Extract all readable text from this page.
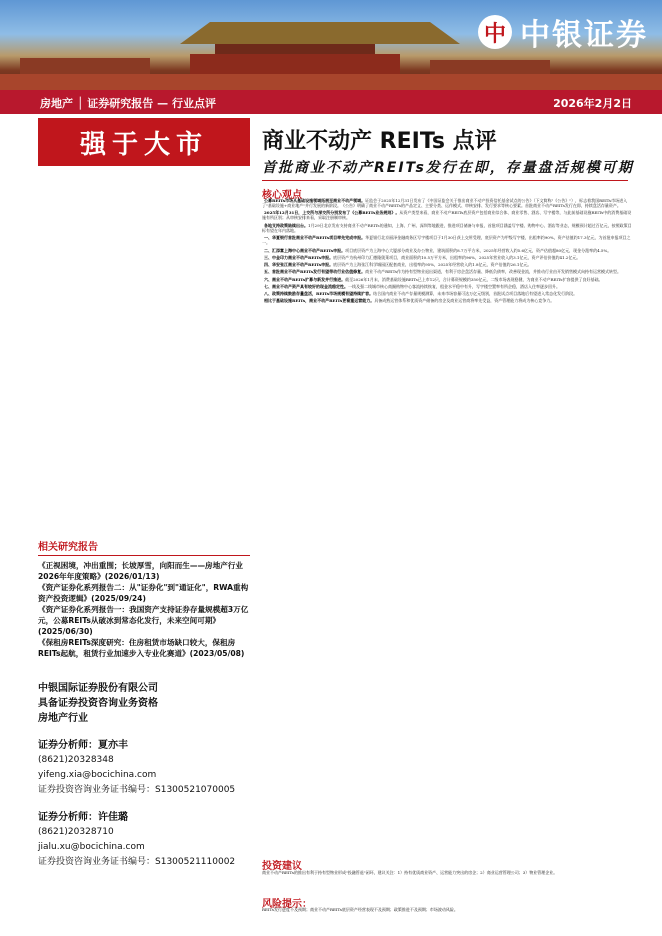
中 中银证券
房地产 │ 证券研究报告 — 行业点评	2026年2月2日
强于大市	商业不动产 REITs 点评
首批商业不动产REITs发行在即，存量盘活规模可期
核心观点
公募REITs市场从基础设施领域拓展至商业不动产领域。证监会于2025年12月31日发布了《中国证监会关于推出商业不动产投资信托基金试点的公告》（下文简称"《公告》"），标志着我国REITs市场进入了"基础设施+商业地产"并行发展的新阶段。《公告》明确了商业不动产REITs的产品定义、主要分类、运作模式、审核安排、发行要求等核心要素。首批商业不动产REITs发行在即，持续盘活存量资产。
2025年12月31日，上交所与深交所分别发布了《公募REITs业务规则》。从资产类型来看，商业不动产REITs底层资产包括商业综合体、商业零售、酒店、写字楼等，与此前基础设施REITs中的消费基础设施有所区别；从审核安排来看，采取注册制审核。
各地支持政策陆续出台。1月29日北京发布支持商业不动产REITs的通知，上海、广州、深圳等地跟进，推进项目储备与申报，首批项目涵盖写字楼、购物中心、酒店等业态，规模预计超过百亿元，按照政策目标有望在年内落地。
一、华夏银行首批商业不动产REITs项目率先完成申报。华夏银行北京丽泽金融商务区写字楼项目于1月30日获上交所受理，底层资产为甲级写字楼，出租率约90%，资产估值约17.3亿元，为首批申报项目之一。
二、汇添富上海中心商业不动产REITs申报。项目底层资产为上海中心大厦部分商业及办公物业，建筑面积约8.7万平方米，2025年经营收入约5.6亿元，资产估值超80亿元，现金分派率约4.5%。
三、中金印力商业不动产REITs申报。底层资产为杭州印力汇德隆奥莱项目，商业面积约10.5万平方米，出租率约96%，2025年营业收入约3.1亿元，资产评估价值约41.2亿元。
四、华安张江商业不动产REITs申报。底层资产为上海张江科学城园区配套商业，出租率约95%，2025年经营收入约1.8亿元，资产估值约26.1亿元。
五、首批商业不动产REITs发行有望带动行业估值修复。商业不动产REITs作为持有型物业退出渠道，有利于房企盘活存量、降低负债率，改善现金流，并推动行业由开发销售模式向持有运营模式转型。
六、商业不动产REITs扩募与新发并行推进。截至2026年1月末，消费基础设施REITs已上市12只，合计募资规模约350亿元，二级市场表现稳健，为商业不动产REITs扩容提供了良好基础。
七、商业不动产资产具有较好的现金流稳定性。一线及强二线城市核心商圈购物中心客流持续恢复，租金水平稳中有升，写字楼空置率有所企稳，酒店入住率逐步回升。
八、政策持续鼓励存量盘活，REITs市场规模有望持续扩容。结合国内商业不动产存量规模测算，未来市场容量可达万亿元级别，首批试点项目落地后有望进入常态化发行阶段。
相比于基础设施REITs，商业不动产REITs更看重运营能力。具备成熟运营体系和优质资产储备的房企及商业运营商将率先受益，资产管理能力将成为核心竞争力。
相关研究报告
《正视困境，冲出重围；长坡厚雪，向阳而生——房地产行业2026年年度策略》(2026/01/13)
《资产证券化系列报告二：从"证券化"到"通证化"，RWA重构资产投资逻辑》(2025/09/24)
《资产证券化系列报告一：我国资产支持证券存量规模超3万亿元，公募REITs从破冰到常态化发行，未来空间可期》(2025/06/30)
《保租房REITs深度研究：住房租赁市场缺口较大，保租房REITs起航，租赁行业加速步入专业化赛道》(2023/05/08)
中银国际证券股份有限公司
具备证券投资咨询业务资格
房地产行业
证券分析师：夏亦丰
(8621)20328348
yifeng.xia@bocichina.com
证券投资咨询业务证书编号：S1300521070005
证券分析师：许佳璐
(8621)20328710
jialu.xu@bocichina.com
证券投资咨询业务证书编号：S1300521110002	投资建议
商业不动产REITs的推出有利于持有型物业形成"投融管退"闭环，建议关注：1）持有优质商业资产、运营能力突出的房企；2）商业运营管理公司；3）物业管理企业。
风险提示：
REITs发行进度不及预期；商业不动产REITs底层资产经营表现不及预期；政策推进不及预期；市场波动风险。
